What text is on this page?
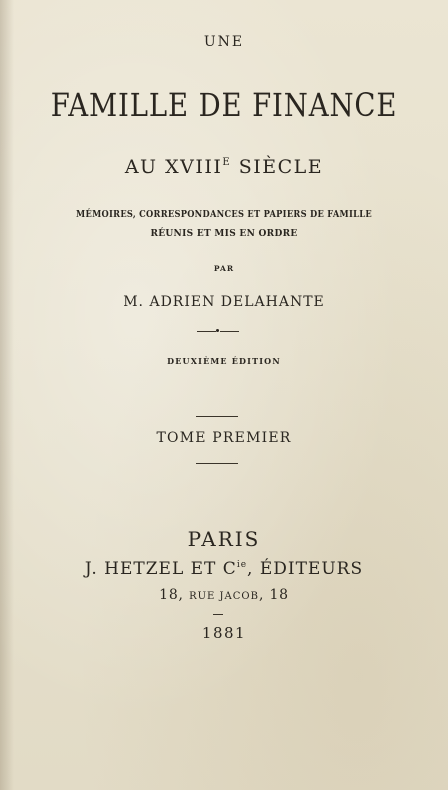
UNE
FAMILLE DE FINANCE
AU $XVIII^E$ SIÈCLE
MÉMOIRES, CORRESPONDANCES ET PAPIERS DE FAMILLE
RÉUNIS ET MIS EN ORDRE
PAR
M. ADRIEN DELAHANTE
DEUXIÈME ÉDITION
TOME PREMIER
PARIS
J. HETZEL ET $C^{ie}$, ÉDITEURS
18, RUE JACOB, 18
1881
